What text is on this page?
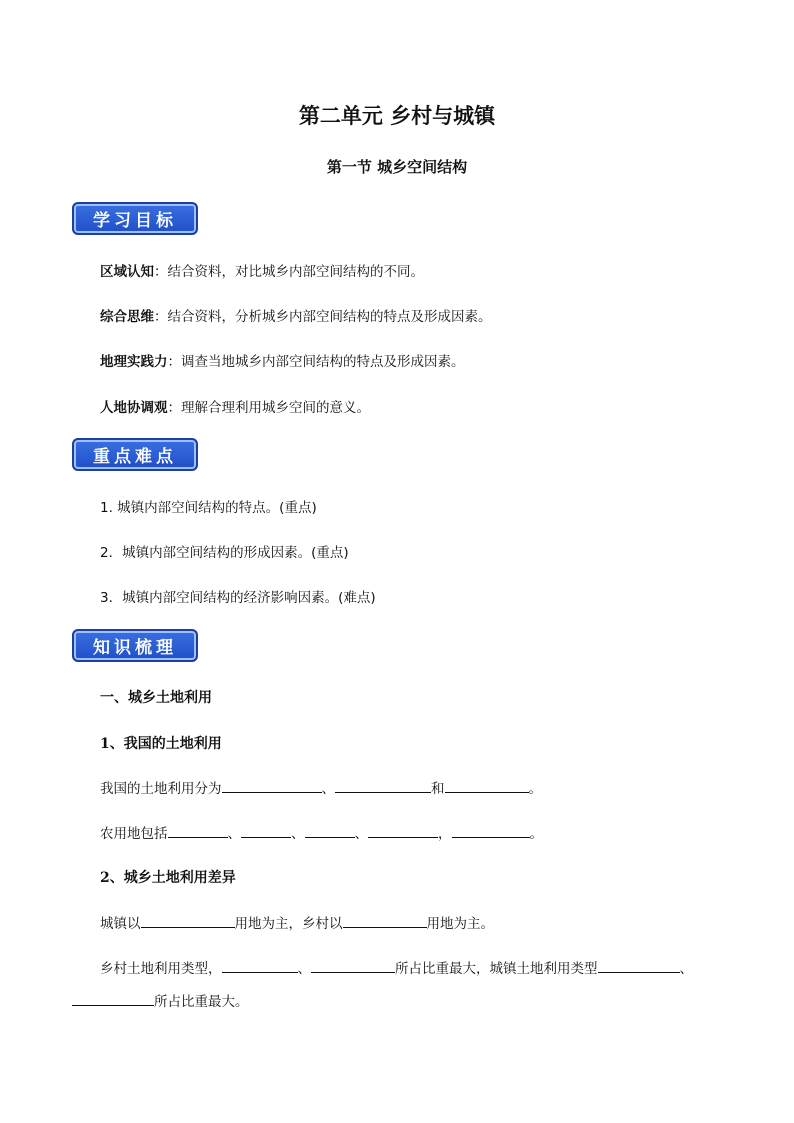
第二单元 乡村与城镇
第一节 城乡空间结构
学习目标
区域认知：结合资料，对比城乡内部空间结构的不同。
综合思维：结合资料，分析城乡内部空间结构的特点及形成因素。
地理实践力：调查当地城乡内部空间结构的特点及形成因素。
人地协调观：理解合理利用城乡空间的意义。
重点难点
1. 城镇内部空间结构的特点。(重点)
2．城镇内部空间结构的形成因素。(重点)
3．城镇内部空间结构的经济影响因素。(难点)
知识梳理
一、城乡土地利用
1、我国的土地利用
我国的土地利用分为	、	和	。
农用地包括	、	、	、	，	。
2、城乡土地利用差异
城镇以	用地为主，乡村以	用地为主。
乡村土地利用类型，	、	所占比重最大，城镇土地利用类型	、
所占比重最大。
